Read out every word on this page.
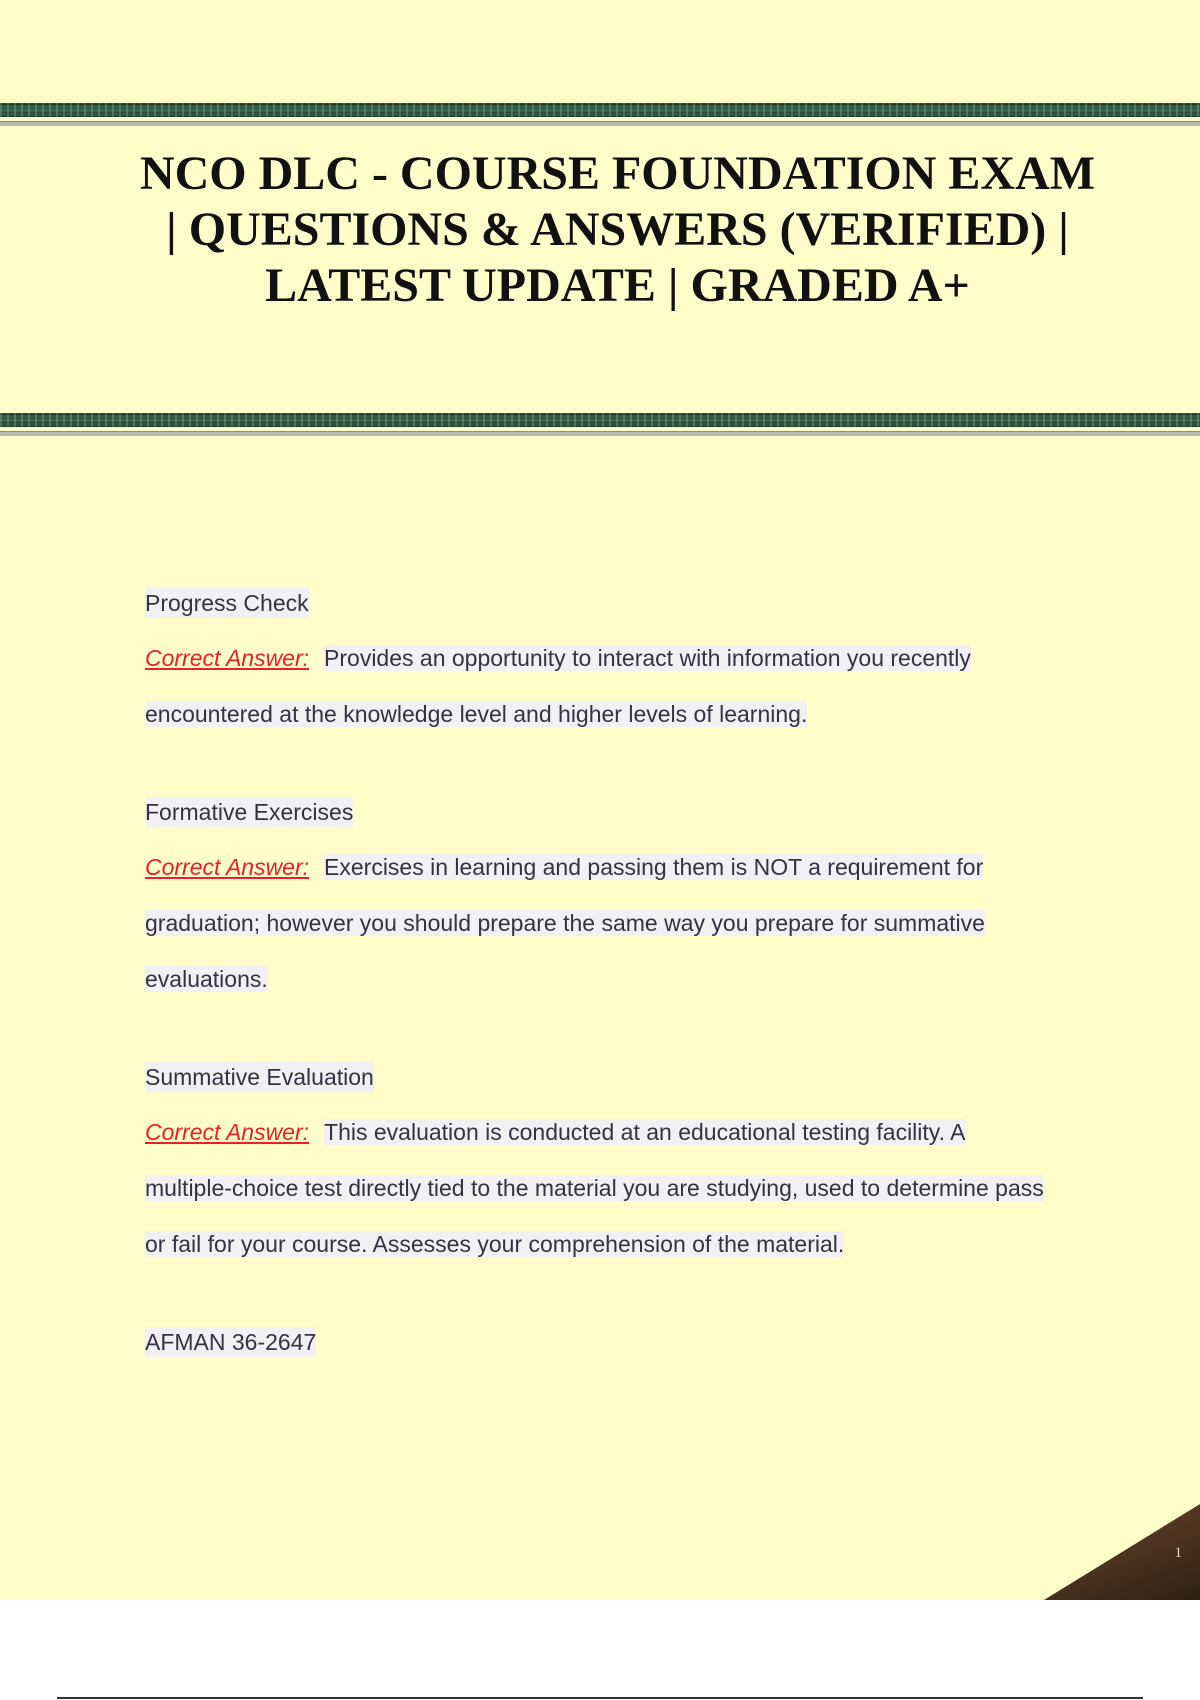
NCO DLC - COURSE FOUNDATION EXAM | QUESTIONS & ANSWERS (VERIFIED) | LATEST UPDATE | GRADED A+
Progress Check

Correct Answer: Provides an opportunity to interact with information you recently encountered at the knowledge level and higher levels of learning.

Formative Exercises

Correct Answer: Exercises in learning and passing them is NOT a requirement for graduation; however you should prepare the same way you prepare for summative evaluations.

Summative Evaluation

Correct Answer: This evaluation is conducted at an educational testing facility. A multiple-choice test directly tied to the material you are studying, used to determine pass or fail for your course. Assesses your comprehension of the material.

AFMAN 36-2647
1
